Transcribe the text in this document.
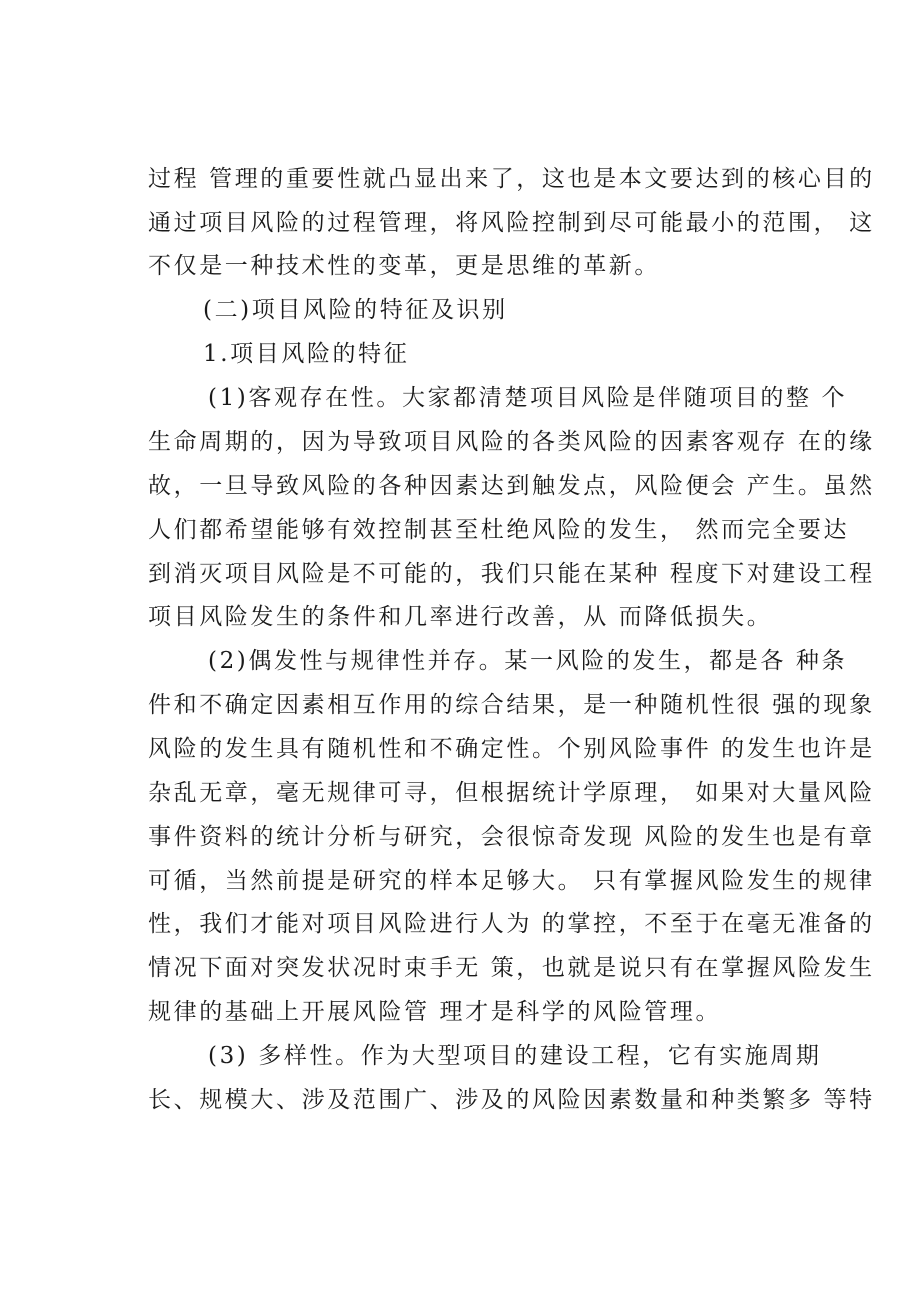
过程 管理的重要性就凸显出来了，这也是本文要达到的核心目的
通过项目风险的过程管理，将风险控制到尽可能最小的范围， 这
不仅是一种技术性的变革，更是思维的革新。
(二)项目风险的特征及识别
1.项目风险的特征
(1)客观存在性。大家都清楚项目风险是伴随项目的整 个
生命周期的，因为导致项目风险的各类风险的因素客观存 在的缘
故，一旦导致风险的各种因素达到触发点，风险便会 产生。虽然
人们都希望能够有效控制甚至杜绝风险的发生， 然而完全要达
到消灭项目风险是不可能的，我们只能在某种 程度下对建设工程
项目风险发生的条件和几率进行改善，从 而降低损失。
(2)偶发性与规律性并存。某一风险的发生，都是各 种条
件和不确定因素相互作用的综合结果，是一种随机性很 强的现象
风险的发生具有随机性和不确定性。个别风险事件 的发生也许是
杂乱无章，毫无规律可寻，但根据统计学原理， 如果对大量风险
事件资料的统计分析与研究，会很惊奇发现 风险的发生也是有章
可循，当然前提是研究的样本足够大。 只有掌握风险发生的规律
性，我们才能对项目风险进行人为 的掌控，不至于在毫无准备的
情况下面对突发状况时束手无 策，也就是说只有在掌握风险发生
规律的基础上开展风险管 理才是科学的风险管理。
(3) 多样性。作为大型项目的建设工程，它有实施周期
长、规模大、涉及范围广、涉及的风险因素数量和种类繁多 等特
